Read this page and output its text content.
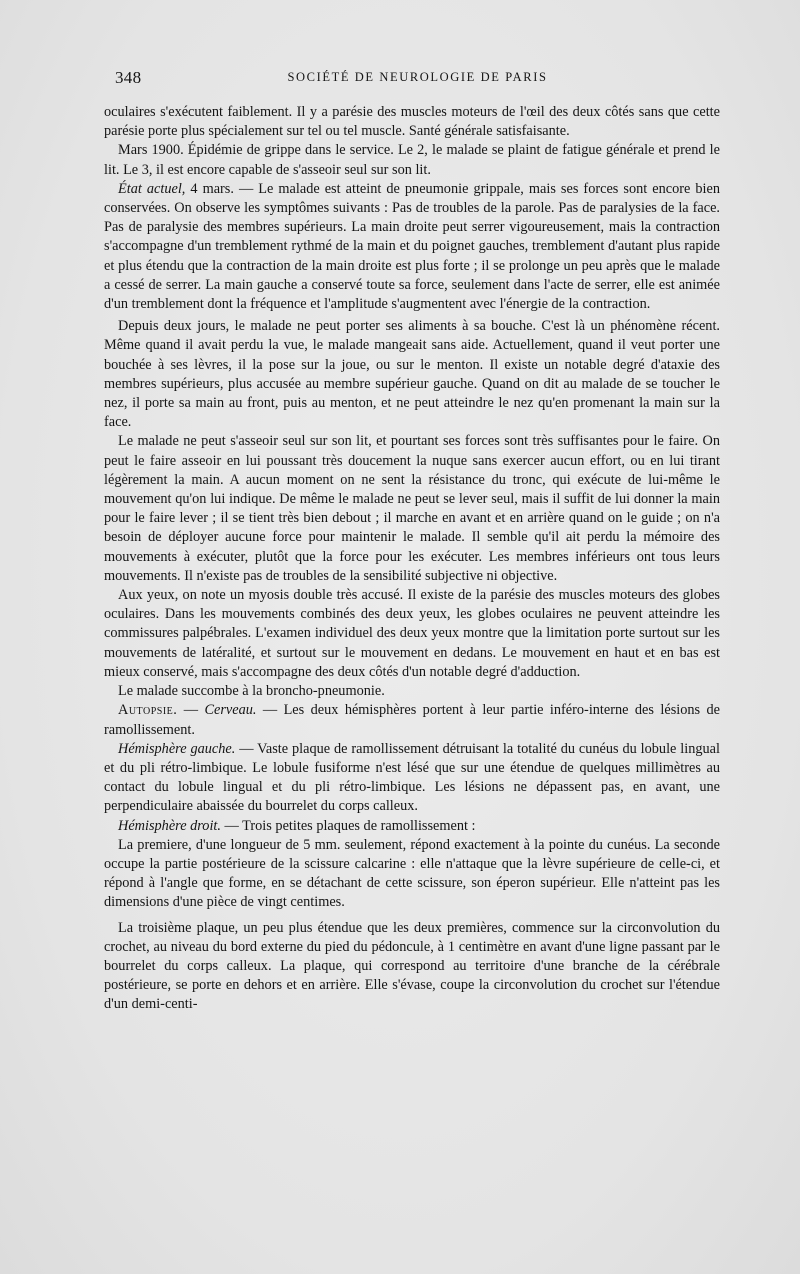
348	SOCIÉTÉ DE NEUROLOGIE DE PARIS

oculaires s'exécutent faiblement. Il y a parésie des muscles moteurs de l'œil des deux côtés sans que cette parésie porte plus spécialement sur tel ou tel muscle. Santé générale satisfaisante.

Mars 1900. Épidémie de grippe dans le service. Le 2, le malade se plaint de fatigue générale et prend le lit. Le 3, il est encore capable de s'asseoir seul sur son lit.

État actuel, 4 mars. — Le malade est atteint de pneumonie grippale, mais ses forces sont encore bien conservées. On observe les symptômes suivants : Pas de troubles de la parole. Pas de paralysies de la face. Pas de paralysie des membres supérieurs. La main droite peut serrer vigoureusement, mais la contraction s'accompagne d'un tremblement rythmé de la main et du poignet gauches, tremblement d'autant plus rapide et plus étendu que la contraction de la main droite est plus forte ; il se prolonge un peu après que le malade a cessé de serrer. La main gauche a conservé toute sa force, seulement dans l'acte de serrer, elle est animée d'un tremblement dont la fréquence et l'amplitude s'augmentent avec l'énergie de la contraction.

Depuis deux jours, le malade ne peut porter ses aliments à sa bouche. C'est là un phénomène récent. Même quand il avait perdu la vue, le malade mangeait sans aide. Actuellement, quand il veut porter une bouchée à ses lèvres, il la pose sur la joue, ou sur le menton. Il existe un notable degré d'ataxie des membres supérieurs, plus accusée au membre supérieur gauche. Quand on dit au malade de se toucher le nez, il porte sa main au front, puis au menton, et ne peut atteindre le nez qu'en promenant la main sur la face.

Le malade ne peut s'asseoir seul sur son lit, et pourtant ses forces sont très suffisantes pour le faire. On peut le faire asseoir en lui poussant très doucement la nuque sans exercer aucun effort, ou en lui tirant légèrement la main. A aucun moment on ne sent la résistance du tronc, qui exécute de lui-même le mouvement qu'on lui indique. De même le malade ne peut se lever seul, mais il suffit de lui donner la main pour le faire lever ; il se tient très bien debout ; il marche en avant et en arrière quand on le guide ; on n'a besoin de déployer aucune force pour maintenir le malade. Il semble qu'il ait perdu la mémoire des mouvements à exécuter, plutôt que la force pour les exécuter. Les membres inférieurs ont tous leurs mouvements. Il n'existe pas de troubles de la sensibilité subjective ni objective.

Aux yeux, on note un myosis double très accusé. Il existe de la parésie des muscles moteurs des globes oculaires. Dans les mouvements combinés des deux yeux, les globes oculaires ne peuvent atteindre les commissures palpébrales. L'examen individuel des deux yeux montre que la limitation porte surtout sur les mouvements de latéralité, et surtout sur le mouvement en dedans. Le mouvement en haut et en bas est mieux conservé, mais s'accompagne des deux côtés d'un notable degré d'adduction.

Le malade succombe à la broncho-pneumonie.

Autopsie. — Cerveau. — Les deux hémisphères portent à leur partie inféro-interne des lésions de ramollissement.

Hémisphère gauche. — Vaste plaque de ramollissement détruisant la totalité du cunéus du lobule lingual et du pli rétro-limbique. Le lobule fusiforme n'est lésé que sur une étendue de quelques millimètres au contact du lobule lingual et du pli rétro-limbique. Les lésions ne dépassent pas, en avant, une perpendiculaire abaissée du bourrelet du corps calleux.

Hémisphère droit. — Trois petites plaques de ramollissement :

La premiere, d'une longueur de 5 mm. seulement, répond exactement à la pointe du cunéus. La seconde occupe la partie postérieure de la scissure calcarine : elle n'attaque que la lèvre supérieure de celle-ci, et répond à l'angle que forme, en se détachant de cette scissure, son éperon supérieur. Elle n'atteint pas les dimensions d'une pièce de vingt centimes.

La troisième plaque, un peu plus étendue que les deux premières, commence sur la circonvolution du crochet, au niveau du bord externe du pied du pédoncule, à 1 centimètre en avant d'une ligne passant par le bourrelet du corps calleux. La plaque, qui correspond au territoire d'une branche de la cérébrale postérieure, se porte en dehors et en arrière. Elle s'évase, coupe la circonvolution du crochet sur l'étendue d'un demi-centi-
